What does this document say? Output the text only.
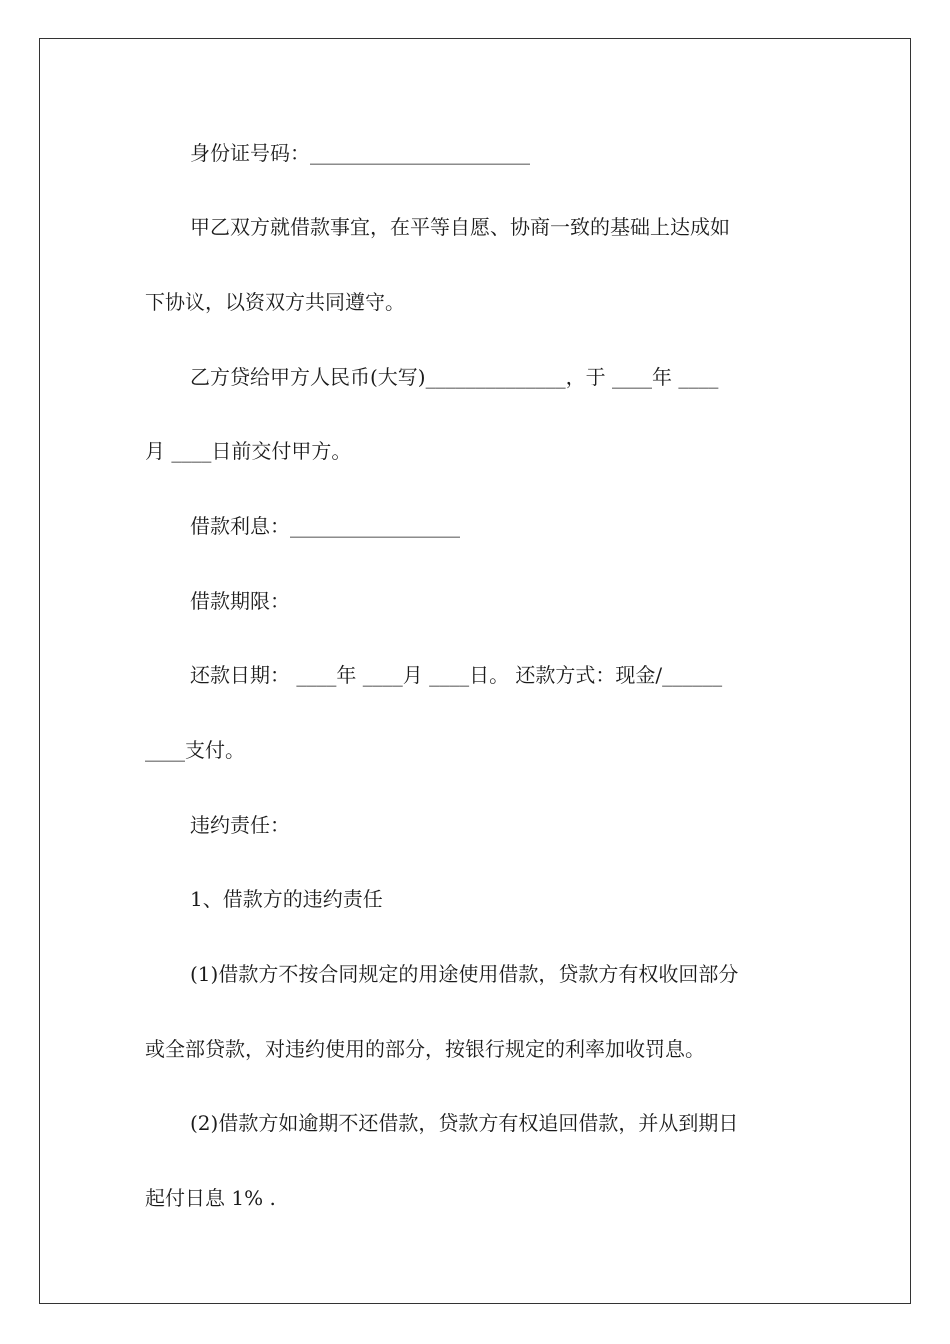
身份证号码：______________________
甲乙双方就借款事宜，在平等自愿、协商一致的基础上达成如
下协议，以资双方共同遵守。
乙方贷给甲方人民币(大写)______________，于 ____年 ____
月 ____日前交付甲方。
借款利息：_________________
借款期限：
还款日期： ____年 ____月 ____日。 还款方式：现金/______
____支付。
违约责任：
1、借款方的违约责任
(1)借款方不按合同规定的用途使用借款，贷款方有权收回部分
或全部贷款，对违约使用的部分，按银行规定的利率加收罚息。
(2)借款方如逾期不还借款，贷款方有权追回借款，并从到期日
起付日息 1% .
